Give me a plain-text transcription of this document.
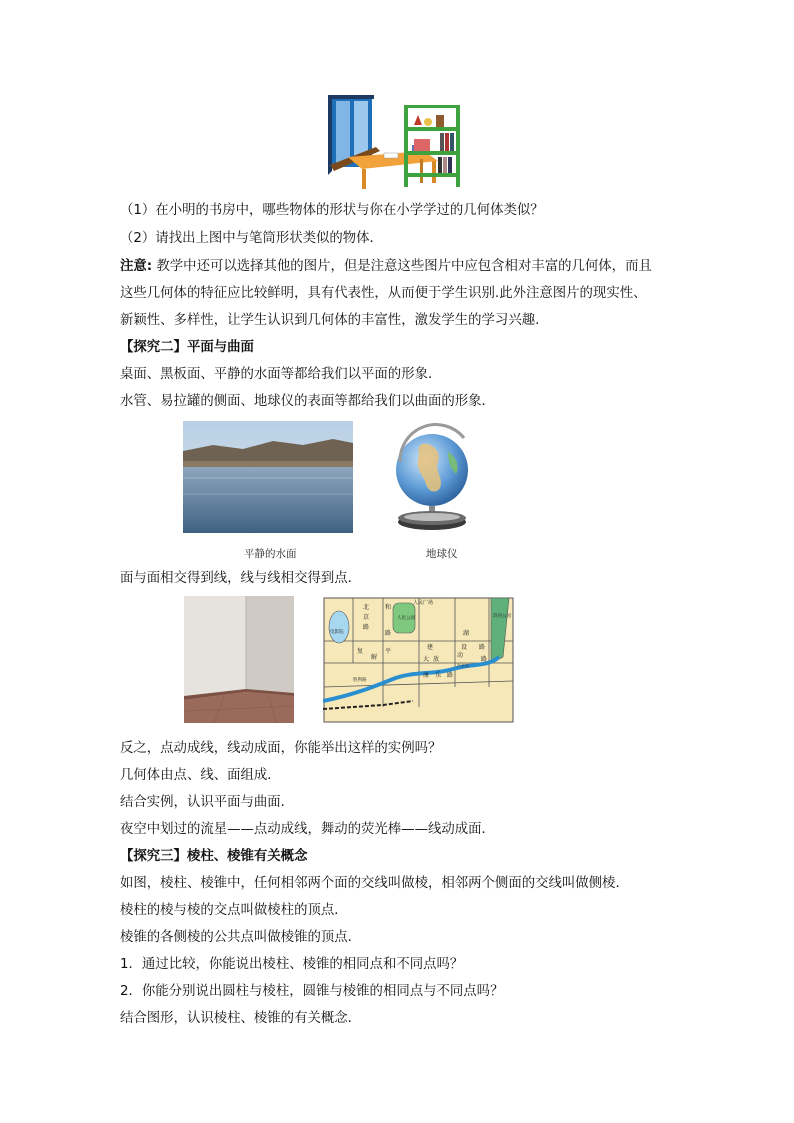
（1）在小明的书房中，哪些物体的形状与你在小学学过的几何体类似？
（2）请找出上图中与笔筒形状类似的物体．
注意: 教学中还可以选择其他的图片，但是注意这些图片中应包含相对丰富的几何体，而且
这些几何体的特征应比较鲜明，具有代表性，从而便于学生识别.此外注意图片的现实性、
新颖性、多样性，让学生认识到几何体的丰富性，激发学生的学习兴趣.
【探究二】平面与曲面
桌面、黑板面、平静的水面等都给我们以平面的形象．
水管、易拉罐的侧面、地球仪的表面等都给我们以曲面的形象．
平静的水面	地球仪
面与面相交得到线，线与线相交得到点．
电影院
人民公园
人民广场
滨河公园
北
京
路
和
平
路
复
解	放
建	设 路
大
动
湖
路
康 乐 路
汽车站
胜利路
反之，点动成线，线动成面，你能举出这样的实例吗？
几何体由点、线、面组成．
结合实例，认识平面与曲面．
夜空中划过的流星——点动成线，舞动的荧光棒——线动成面．
【探究三】棱柱、棱锥有关概念
如图，棱柱、棱锥中，任何相邻两个面的交线叫做棱，相邻两个侧面的交线叫做侧棱．
棱柱的棱与棱的交点叫做棱柱的顶点．
棱锥的各侧棱的公共点叫做棱锥的顶点．
1．通过比较，你能说出棱柱、棱锥的相同点和不同点吗？
2．你能分别说出圆柱与棱柱，圆锥与棱锥的相同点与不同点吗？
结合图形，认识棱柱、棱锥的有关概念．
